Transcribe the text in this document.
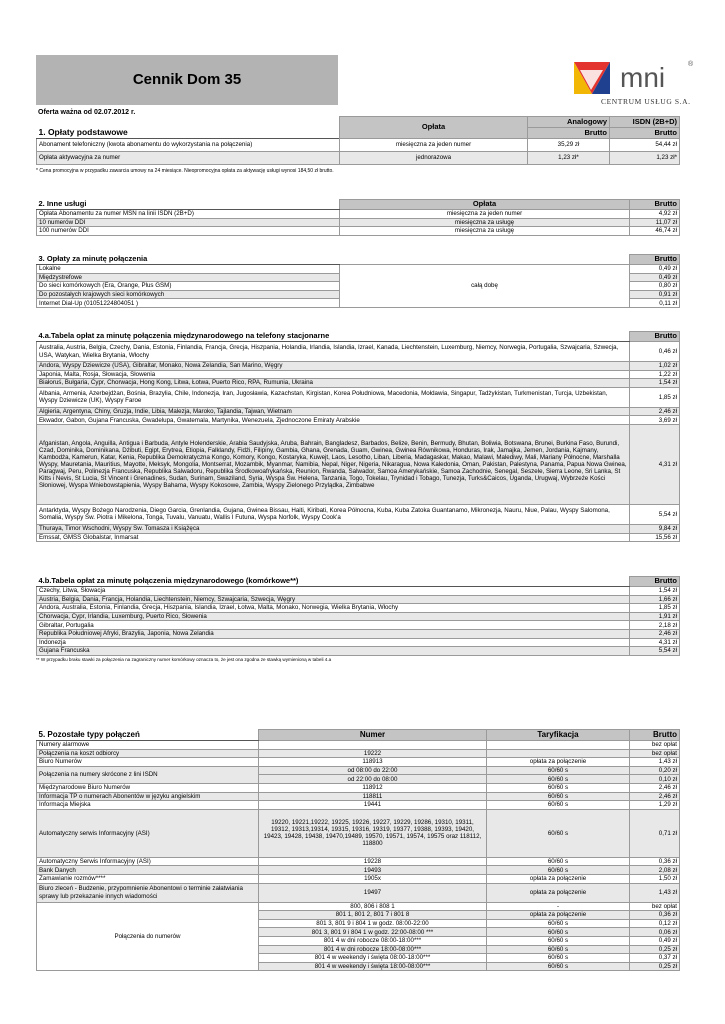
Cennik Dom 35	mni	®
CENTRUM USŁUG S.A.
Oferta ważna od 02.07.2012 r.
	Opłata	Analogowy	ISDN (2B+D)
1. Opłaty podstawowe		Brutto	Brutto
Abonament telefoniczny (kwota abonamentu do wykorzystania na połączenia)	miesięczna za jeden numer	35,29 zł	54,44 zł
Opłata aktywacyjna za numer	jednorazowa	1,23 zł*	1,23 zł*
* Cena promocyjna w przypadku zawarcia umowy na 24 miesiące. Nieopromocyjna opłata za aktywację usługi wynosi 184,50 zł brutto.
2. Inne usługi	Opłata	Brutto
Opłata Abonamentu za numer MSN na linii ISDN (2B+D)	miesięczna za jeden numer	4,92 zł
10 numerów DDI	miesięczna za usługę	11,07 zł
100 numerów DDI	miesięczna za usługę	46,74 zł
3. Opłaty za minutę połączenia		Brutto
Lokalne	całą dobę	0,49 zł
Międzystrefowe		0,49 zł
Do sieci komórkowych (Era, Orange, Plus GSM)		0,80 zł
Do pozostałych krajowych sieci komórkowych		0,91 zł
Internet Dial-Up (01051224804051 )		0,11 zł
4.a.Tabela opłat za minutę połączenia międzynarodowego na telefony stacjonarne	Brutto
Australia, Austria, Belgia, Czechy, Dania, Estonia, Finlandia, Francja, Grecja, Hiszpania, Holandia, Irlandia, Islandia, Izrael, Kanada, Liechtenstein, Luxemburg, Niemcy, Norwegia, Portugalia, Szwajcaria, Szwecja, USA, Watykan, Wielka Brytania, Włochy	0,46 zł
Andora, Wyspy Dziewicze (USA), Gibraltar, Monako, Nowa Zelandia, San Marino, Węgry	1,02 zł
Japonia, Malta, Rosja, Słowacja, Słowenia	1,22 zł
Białoruś, Bułgaria, Cypr, Chorwacja, Hong Kong, Litwa, Łotwa, Puerto Rico, RPA, Rumunia, Ukraina	1,54 zł
Albania, Armenia, Azerbejdżan, Bośnia, Brazylia, Chile, Indonezja, Iran, Jugosławia, Kazachstan, Kirgistan, Korea Południowa, Macedonia, Mołdawia, Singapur, Tadżykistan, Turkmenistan, Turcja, Uzbekistan, Wyspy Dziewicze (UK), Wyspy Faroe	1,85 zł
Algieria, Argentyna, Chiny, Gruzja, Indie, Libia, Malezja, Maroko, Tajlandia, Tajwan, Wietnam	2,46 zł
Ekwador, Gabon, Gujana Francuska, Gwadelupa, Gwatemala, Martynika, Wenezuela, Zjednoczone Emiraty Arabskie	3,69 zł
Afganistan, Angola, Anguilla, Antigua i Barbuda, Antyle Holenderskie, Arabia Saudyjska, Aruba, Bahrain, Bangladesz, Barbados, Belize, Benin, Bermudy, Bhutan, Boliwia, Botswana, Brunei, Burkina Faso, Burundi, Czad, Dominika, Dominikana, Dżibuti, Egipt, Erytrea, Etiopia, Falklandy, Fidżi, Filipiny, Gambia, Ghana, Grenada, Guam, Gwinea, Gwinea Równikowa, Honduras, Irak, Jamajka, Jemen, Jordania, Kajmany, Kambodża, Kamerun, Katar, Kenia, Republika Demokratyczna Kongo, Komory, Kongo, Kostaryka, Kuwejt, Laos, Lesotho, Liban, Liberia, Madagaskar, Makao, Malawi, Malediwy, Mali, Mariany Północne, Marshalla Wyspy, Mauretania, Mauritius, Mayotte, Meksyk, Mongolia, Montserrat, Mozambik, Myanmar, Namibia, Nepal, Niger, Nigeria, Nikaragua, Nowa Kaledonia, Oman, Pakistan, Palestyna, Panama, Papua Nowa Gwinea, Paragwaj, Peru, Polinezja Francuska, Republika Salwadoru, Republika Środkowoafrykańska, Reunion, Rwanda, Salwador, Samoa Amerykańskie, Samoa Zachodnie, Senegal, Seszele, Sierra Leone, Sri Lanka, St Kitts i Nevis, St Lucia, St Vincent i Grenadines, Sudan, Surinam, Swaziland, Syria, Wyspa Św. Helena, Tanzania, Togo, Tokelau, Trynidad i Tobago, Tunezja, Turks&Caicos, Uganda, Urugwaj, Wybrzeże Kości Słoniowej, Wyspa Wniebowstąpienia, Wyspy Bahama, Wyspy Kokosowe, Zambia, Wyspy Zielonego Przylądka, Zimbabwe	4,31 zł
Antarktyda, Wyspy Bożego Narodzenia, Diego Garcia, Grenlandia, Gujana, Gwinea Bissau, Haiti, Kiribati, Korea Północna, Kuba, Kuba Zatoka Guantanamo, Mikronezja, Nauru, Niue, Palau, Wyspy Salomona, Somalia, Wyspy Św. Piotra i Mikelona, Tonga, Tuvalu, Vanuatu, Wallis I Futuna, Wyspa Norfolk, Wyspy Cook'a	5,54 zł
Thuraya, Timor Wschodni, Wyspy Św. Tomasza i Książęca	9,84 zł
Emssat, GMSS Globalstar, Inmarsat	15,56 zł
4.b.Tabela opłat za minutę połączenia międzynarodowego (komórkowe**)	Brutto
Czechy, Litwa, Słowacja	1,54 zł
Austria, Belgia, Dania, Francja, Holandia, Liechtenstein, Niemcy, Szwajcaria, Szwecja, Węgry	1,66 zł
Andora, Australia, Estonia, Finlandia, Grecja, Hiszpania, Islandia, Izrael, Łotwa, Malta, Monako, Norwegia, Wielka Brytania, Włochy	1,85 zł
Chorwacja, Cypr, Irlandia, Luxemburg, Puerto Rico, Słowenia	1,91 zł
Gibraltar, Portugalia	2,18 zł
Republika Południowej Afryki, Brazylia, Japonia, Nowa Zelandia	2,46 zł
Indonezja	4,31 zł
Gujana Francuska	5,54 zł
** W przypadku braku stawki za połączenia na zagraniczny numer komórkowy oznacza to, że jest ona zgodna ze stawką wymienioną w tabeli 4.a
5. Pozostałe typy połączeń	Numer	Taryfikacja	Brutto
Numery alarmowe			bez opłat
Połączenia na koszt odbiorcy	19222		bez opłat
Biuro Numerów	118913	opłata za połączenie	1,43 zł
Połączenia na numery skrócone z lini ISDN	od 08:00 do 22:00	60/60 s	0,20 zł
	od 22:00 do 08:00	60/60 s	0,10 zł
Międzynarodowe Biuro Numerów	118912	60/60 s	2,46 zł
Informacja TP o numerach Abonentów w języku angielskim	118811	60/60 s	2,46 zł
Informacja Miejska	19441	60/60 s	1,29 zł
Automatyczny serwis Informacyjny (ASI)	19220, 19221,19222, 19225, 19226, 19227, 19229, 19286, 19310, 19311, 19312, 19313,19314, 19315, 19316, 19319, 19377, 19388, 19393, 19420, 19423, 19428, 19438, 19470,19489, 19570, 19571, 19574, 19575 oraz 118112, 118800	60/60 s	0,71 zł
Automatyczny Serwis Informacyjny (ASI)	19228	60/60 s	0,36 zł
Bank Danych	19493	60/60 s	2,08 zł
Zamawianie rozmów****	1905x	opłata za połączenie	1,50 zł
Biuro zleceń - Budzenie, przypomnienie Abonentowi o terminie załatwiania sprawy lub przekazanie innych wiadomości	19497	opłata za połączenie	1,43 zł
Połączenia do numerów	800, 806 i 808 1	-	bez opłat
	801 1, 801 2, 801 7 i 801 8	opłata za połączenie	0,36 zł
	801 3, 801 9 i 804 1 w godz. 08:00-22:00	60/60 s	0,12 zł
	801 3, 801 9 i 804 1 w godz. 22:00-08:00 ***	60/60 s	0,06 zł
	801 4 w dni robocze 08:00-18:00***	60/60 s	0,49 zł
	801 4 w dni robocze 18:00-08:00***	60/60 s	0,25 zł
	801 4 w weekendy i święta 08:00-18:00***	60/60 s	0,37 zł
	801 4 w weekendy i święta 18:00-08:00***	60/60 s	0,25 zł
